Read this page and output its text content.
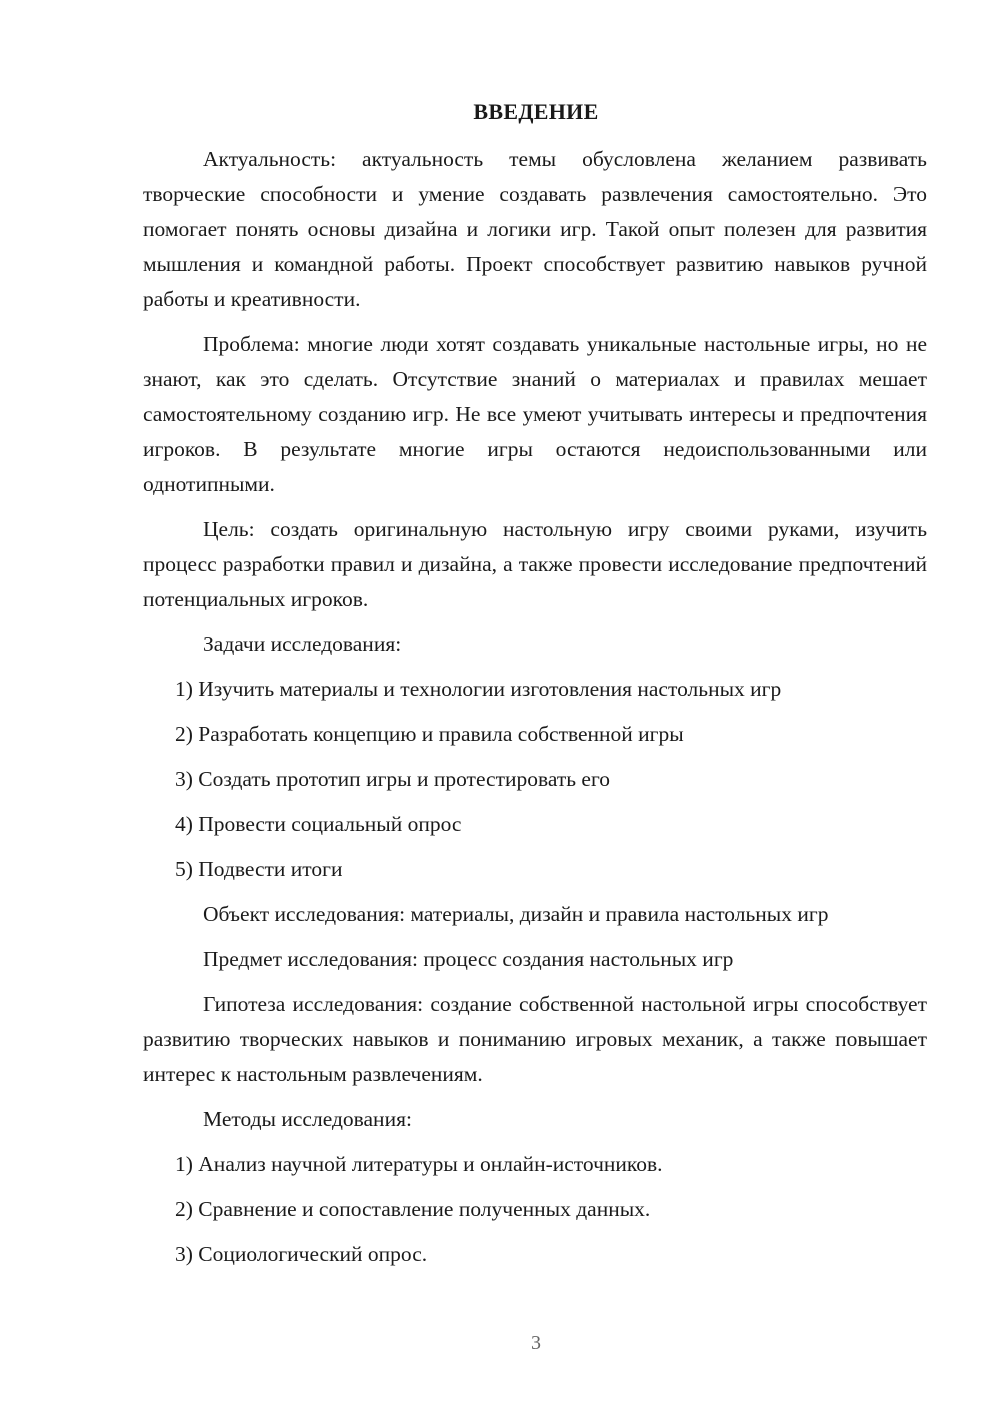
ВВЕДЕНИЕ

Актуальность: актуальность темы обусловлена желанием развивать творческие способности и умение создавать развлечения самостоятельно. Это помогает понять основы дизайна и логики игр. Такой опыт полезен для развития мышления и командной работы. Проект способствует развитию навыков ручной работы и креативности.

Проблема: многие люди хотят создавать уникальные настольные игры, но не знают, как это сделать. Отсутствие знаний о материалах и правилах мешает самостоятельному созданию игр. Не все умеют учитывать интересы и предпочтения игроков. В результате многие игры остаются недоиспользованными или однотипными.

Цель: создать оригинальную настольную игру своими руками, изучить процесс разработки правил и дизайна, а также провести исследование предпочтений потенциальных игроков.

Задачи исследования:

1) Изучить материалы и технологии изготовления настольных игр

2) Разработать концепцию и правила собственной игры

3) Создать прототип игры и протестировать его

4) Провести социальный опрос

5) Подвести итоги

Объект исследования: материалы, дизайн и правила настольных игр

Предмет исследования: процесс создания настольных игр

Гипотеза исследования: создание собственной настольной игры способствует развитию творческих навыков и пониманию игровых механик, а также повышает интерес к настольным развлечениям.

Методы исследования:

1) Анализ научной литературы и онлайн-источников.

2) Сравнение и сопоставление полученных данных.

3) Социологический опрос.

3
